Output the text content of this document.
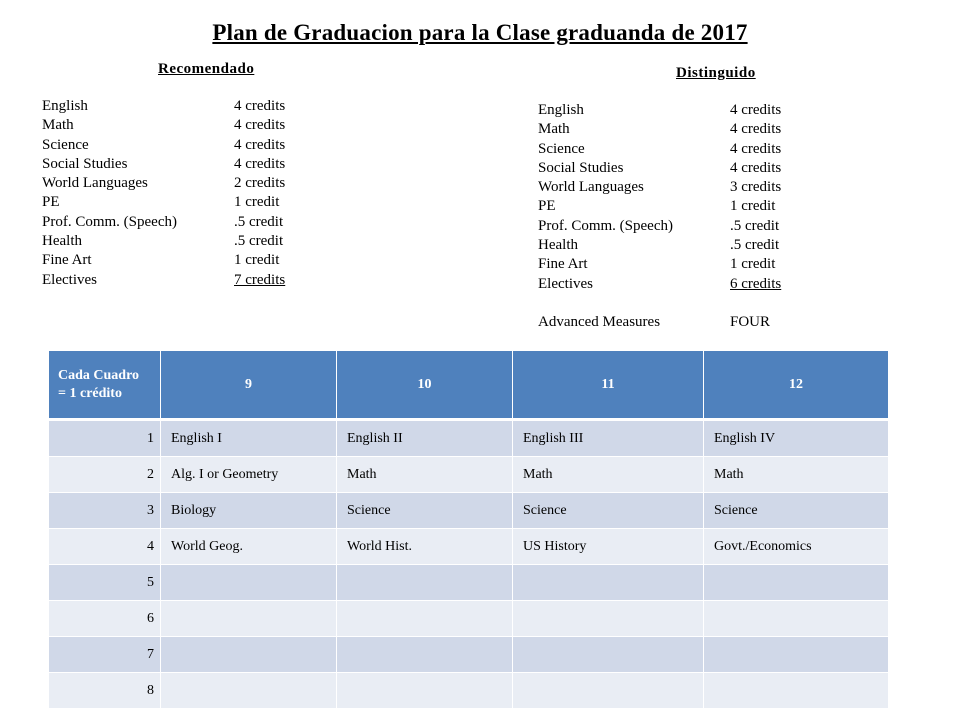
Plan de Graduacion para la Clase graduanda de 2017
Recomendado
English	4 credits
Math	4 credits
Science	4 credits
Social Studies	4 credits
World Languages	2 credits
PE	1 credit
Prof. Comm. (Speech)	.5 credit
Health	.5 credit
Fine Art	1 credit
Electives	7 credits
Distinguido
English	4 credits
Math	4 credits
Science	4 credits
Social Studies	4 credits
World Languages	3 credits
PE	1 credit
Prof. Comm. (Speech)	.5 credit
Health	.5 credit
Fine Art	1 credit
Electives	6 credits
Advanced Measures	FOUR
Cada Cuadro = 1 crédito	9	10	11	12
1	English I	English II	English III	English IV
2	Alg. I or Geometry	Math	Math	Math
3	Biology	Science	Science	Science
4	World Geog.	World Hist.	US History	Govt./Economics
5				
6				
7				
8				
